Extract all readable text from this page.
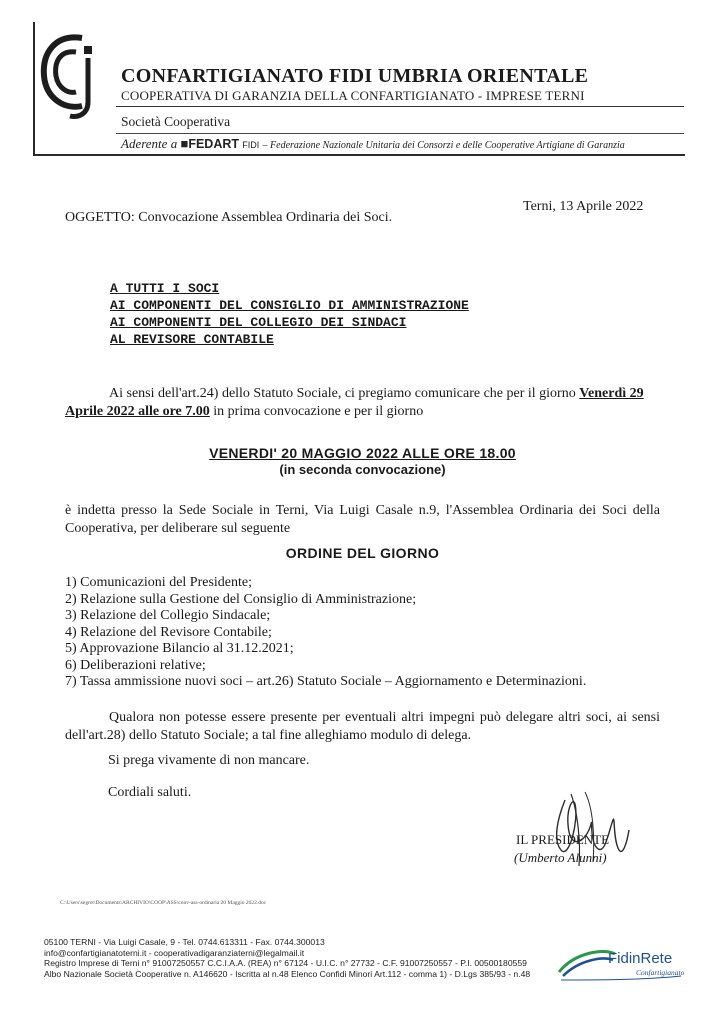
CONFARTIGIANATO FIDI UMBRIA ORIENTALE
COOPERATIVA DI GARANZIA DELLA CONFARTIGIANATO - IMPRESE TERNI
Società Cooperativa
Aderente a ■FEDART FIDI – Federazione Nazionale Unitaria dei Consorzi e delle Cooperative Artigiane di Garanzia
Terni, 13 Aprile 2022
OGGETTO: Convocazione Assemblea Ordinaria dei Soci.
A TUTTI I SOCI
AI COMPONENTI DEL CONSIGLIO DI AMMINISTRAZIONE
AI COMPONENTI DEL COLLEGIO DEI SINDACI
AL REVISORE CONTABILE
Ai sensi dell'art.24) dello Statuto Sociale, ci pregiamo comunicare che per il giorno Venerdì 29 Aprile 2022 alle ore 7.00 in prima convocazione e per il giorno
VENERDI' 20 MAGGIO 2022 ALLE ORE 18.00
(in seconda convocazione)
è indetta presso la Sede Sociale in Terni, Via Luigi Casale n.9, l'Assemblea Ordinaria dei Soci della Cooperativa, per deliberare sul seguente
ORDINE DEL GIORNO
1) Comunicazioni del Presidente;
2) Relazione sulla Gestione del Consiglio di Amministrazione;
3) Relazione del Collegio Sindacale;
4) Relazione del Revisore Contabile;
5) Approvazione Bilancio al 31.12.2021;
6) Deliberazioni relative;
7) Tassa ammissione nuovi soci – art.26) Statuto Sociale – Aggiornamento e Determinazioni.
Qualora non potesse essere presente per eventuali altri impegni può delegare altri soci, ai sensi dell'art.28) dello Statuto Sociale; a tal fine alleghiamo modulo di delega.
Si prega vivamente di non mancare.
Cordiali saluti.
IL PRESIDENTE
(Umberto Alunni)
C:\Users\segret\Documents\ARCHIVIO\COOP\ASS\conv-ass-ordinaria 20 Maggio 2022.doc
05100 TERNI - Via Luigi Casale, 9 - Tel. 0744.613311 - Fax. 0744.300013
info@confartigianatoterni.it - cooperativadigaranziaterni@legalmail.it
Registro Imprese di Terni n° 91007250557 C.C.I.A.A. (REA) n° 67124 - U.I.C. n° 27732 - C.F. 91007250557 - P.I. 00500180559
Albo Nazionale Società Cooperative n. A146620 - Iscritta al n.48 Elenco Confidi Minori Art.112 - comma 1) - D.Lgs 385/93 - n.48
FidinRete
Confartigianato
